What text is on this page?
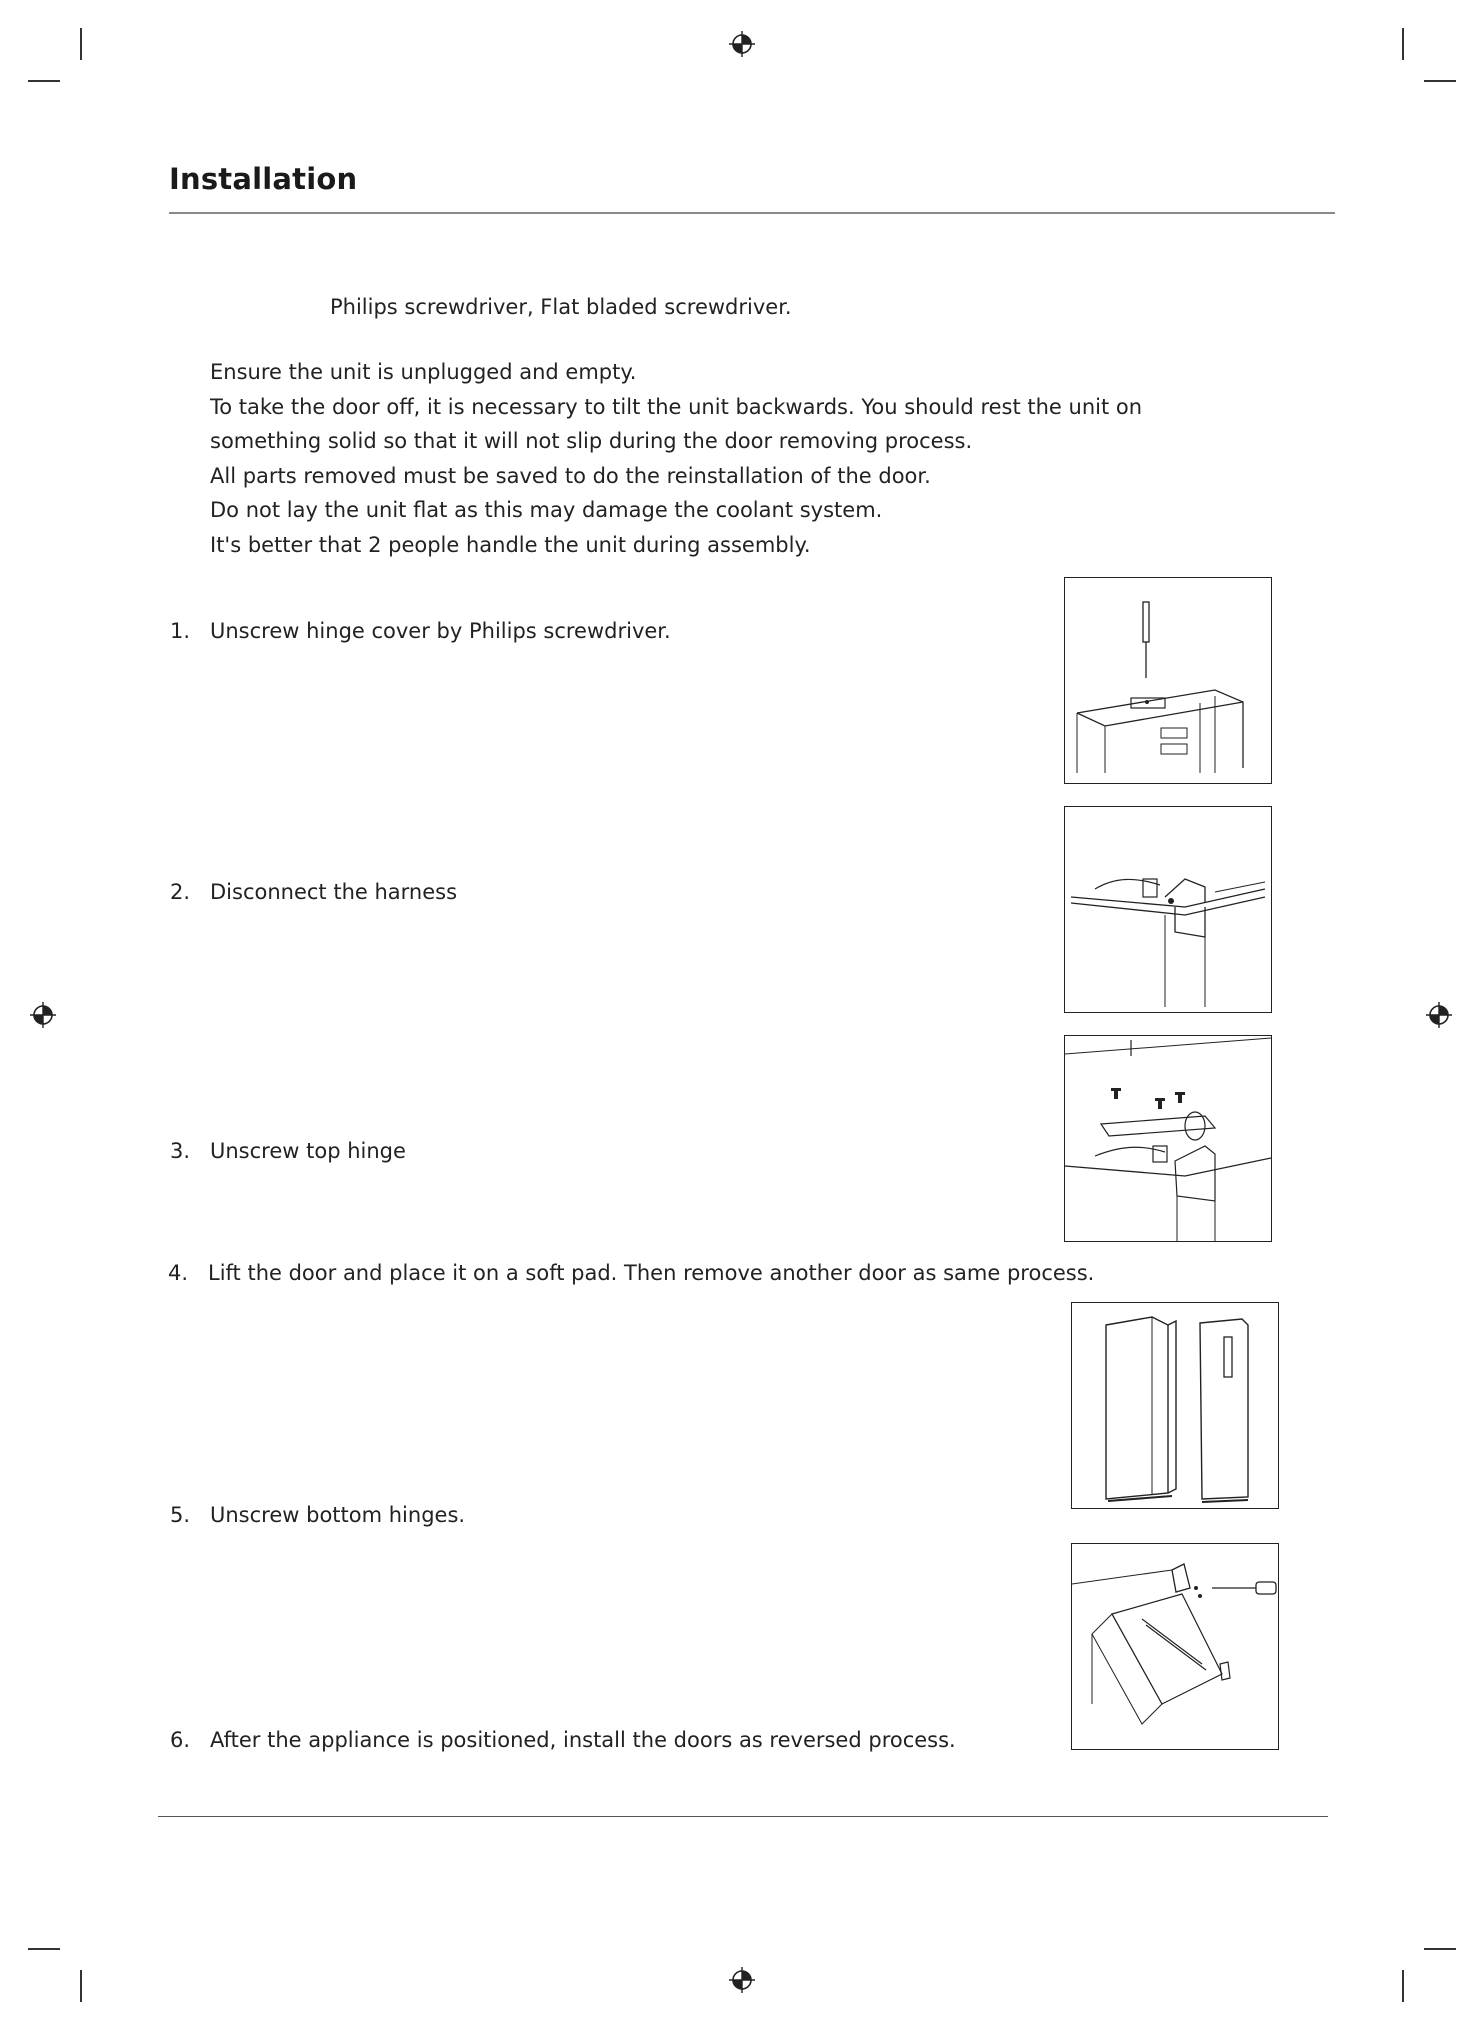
Installation
Philips screwdriver, Flat bladed screwdriver.
Ensure the unit is unplugged and empty.
To take the door off, it is necessary to tilt the unit backwards. You should rest the unit on
something solid so that it will not slip during the door removing process.
All parts removed must be saved to do the reinstallation of the door.
Do not lay the unit flat as this may damage the coolant system.
It's better that 2 people handle the unit during assembly.
1. Unscrew hinge cover by Philips screwdriver.
2. Disconnect the harness
3. Unscrew top hinge
4. Lift the door and place it on a soft pad. Then remove another door as same process.
5. Unscrew bottom hinges.
6. After the appliance is positioned, install the doors as reversed process.
